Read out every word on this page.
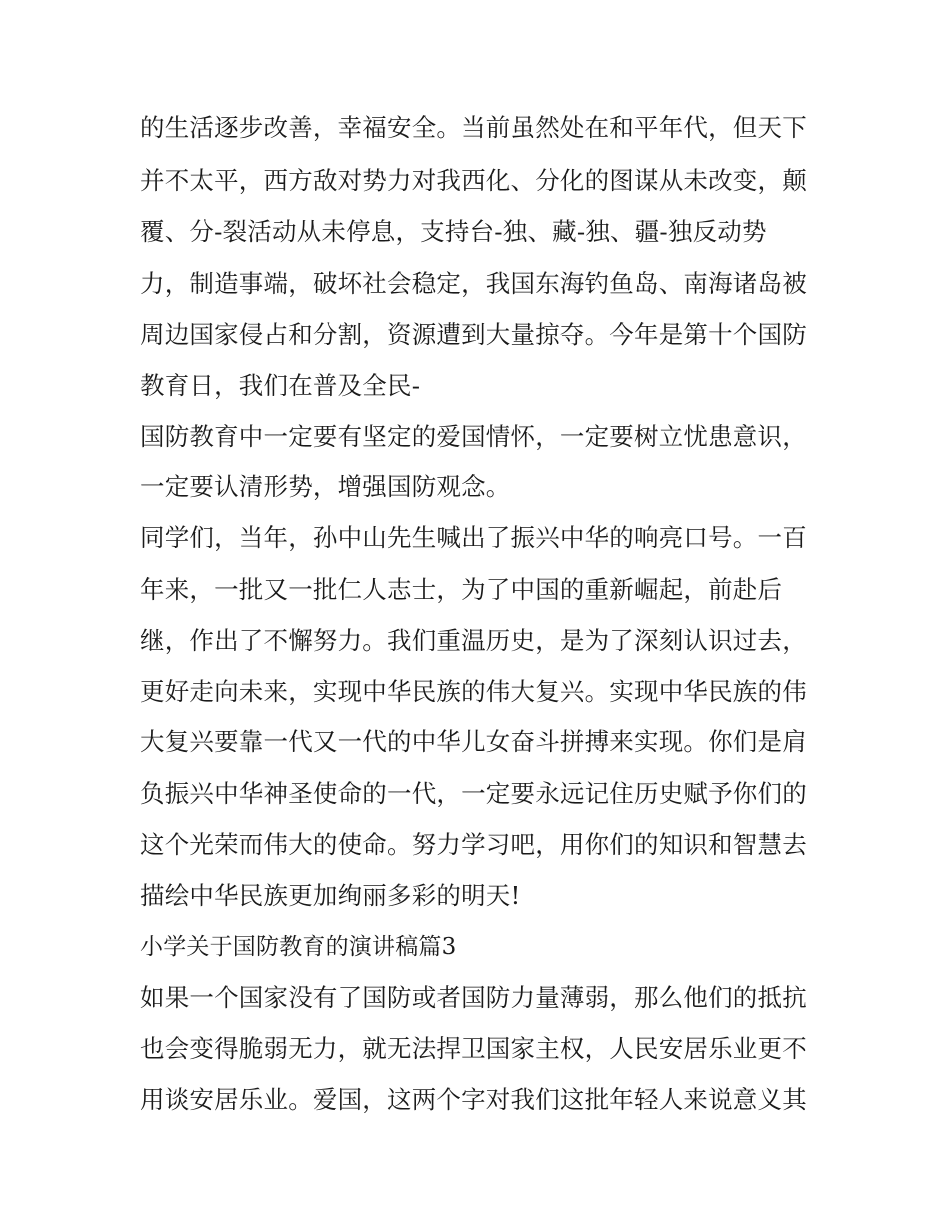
的生活逐步改善，幸福安全。当前虽然处在和平年代，但天下
并不太平，西方敌对势力对我西化、分化的图谋从未改变，颠
覆、分-裂活动从未停息，支持台-独、藏-独、疆-独反动势
力，制造事端，破坏社会稳定，我国东海钓鱼岛、南海诸岛被
周边国家侵占和分割，资源遭到大量掠夺。今年是第十个国防
教育日，我们在普及全民-
国防教育中一定要有坚定的爱国情怀，一定要树立忧患意识，
一定要认清形势，增强国防观念。
同学们，当年，孙中山先生喊出了振兴中华的响亮口号。一百
年来，一批又一批仁人志士，为了中国的重新崛起，前赴后
继，作出了不懈努力。我们重温历史，是为了深刻认识过去，
更好走向未来，实现中华民族的伟大复兴。实现中华民族的伟
大复兴要靠一代又一代的中华儿女奋斗拼搏来实现。你们是肩
负振兴中华神圣使命的一代，一定要永远记住历史赋予你们的
这个光荣而伟大的使命。努力学习吧，用你们的知识和智慧去
描绘中华民族更加绚丽多彩的明天!
小学关于国防教育的演讲稿篇3
如果一个国家没有了国防或者国防力量薄弱，那么他们的抵抗
也会变得脆弱无力，就无法捍卫国家主权，人民安居乐业更不
用谈安居乐业。爱国，这两个字对我们这批年轻人来说意义其
